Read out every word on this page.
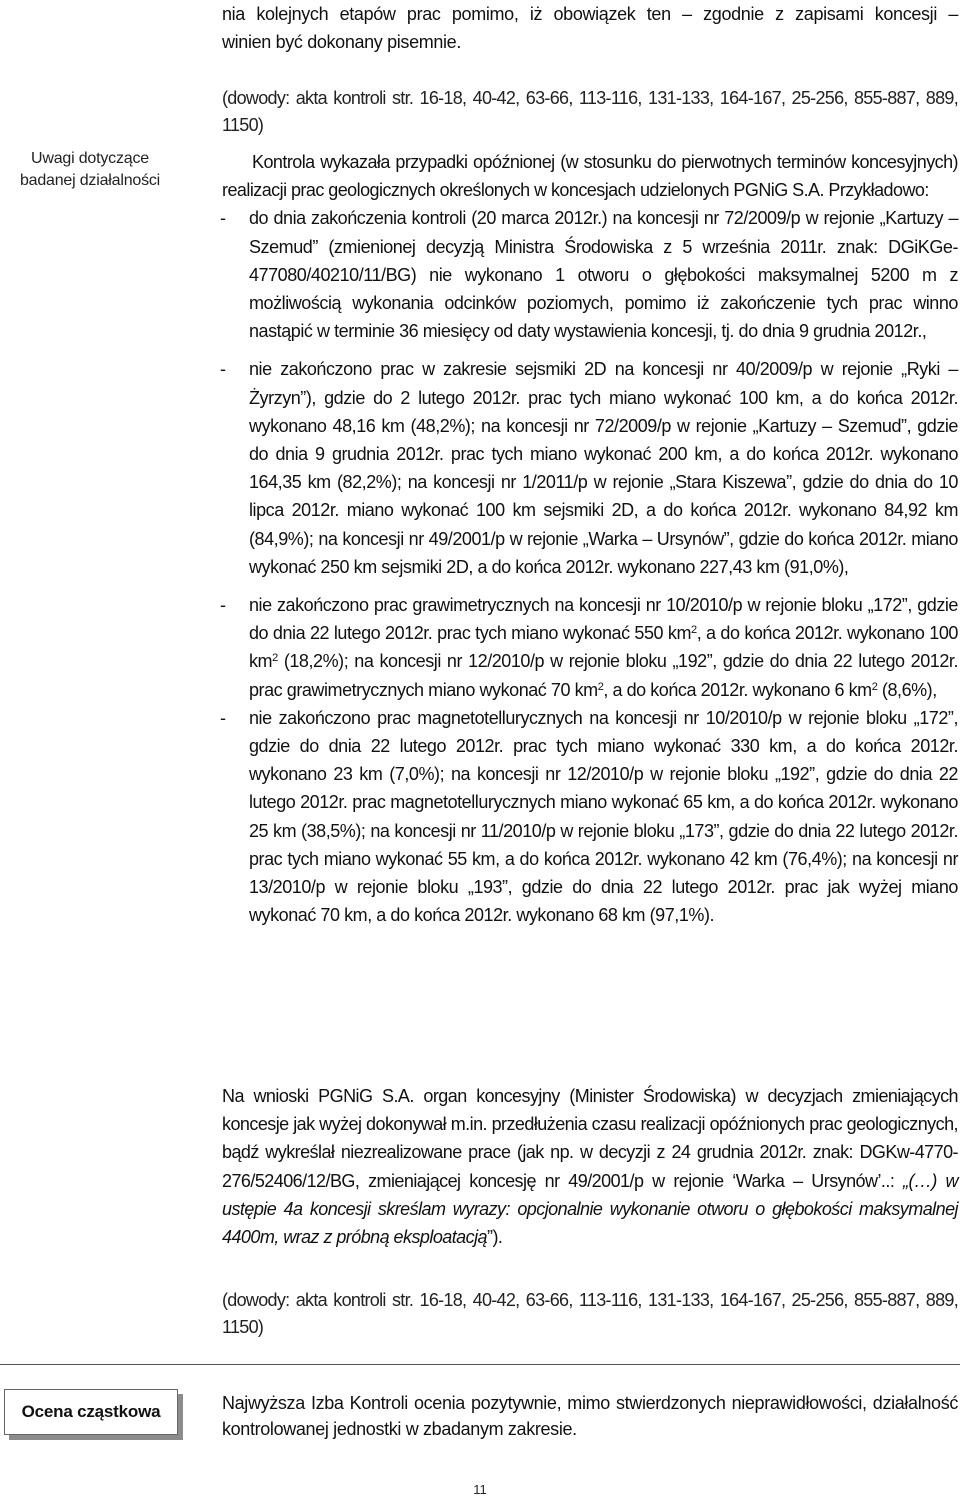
nia kolejnych etapów prac pomimo, iż obowiązek ten – zgodnie z zapisami koncesji –

winien być dokonany pisemnie.

(dowody: akta kontroli str. 16-18, 40-42, 63-66, 113-116, 131-133, 164-167, 25-256, 855-887, 889, 1150)

Uwagi dotyczące
badanej działalności

Kontrola wykazała przypadki opóźnionej (w stosunku do pierwotnych terminów koncesyjnych) realizacji prac geologicznych określonych w koncesjach udzielonych PGNiG S.A. Przykładowo:

- do dnia zakończenia kontroli (20 marca 2012r.) na koncesji nr 72/2009/p w rejonie „Kartuzy – Szemud” (zmienionej decyzją Ministra Środowiska z 5 września 2011r. znak: DGiKGe-477080/40210/11/BG) nie wykonano 1 otworu o głębokości maksymalnej 5200 m z możliwością wykonania odcinków poziomych, pomimo iż zakończenie tych prac winno nastąpić w terminie 36 miesięcy od daty wystawienia koncesji, tj. do dnia 9 grudnia 2012r.,

- nie zakończono prac w zakresie sejsmiki 2D na koncesji nr 40/2009/p w rejonie „Ryki – Żyrzyn”), gdzie do 2 lutego 2012r. prac tych miano wykonać 100 km, a do końca 2012r. wykonano 48,16 km (48,2%); na koncesji nr 72/2009/p w rejonie „Kartuzy – Szemud”, gdzie do dnia 9 grudnia 2012r. prac tych miano wykonać 200 km, a do końca 2012r. wykonano 164,35 km (82,2%); na koncesji nr 1/2011/p w rejonie „Stara Kiszewa”, gdzie do dnia do 10 lipca 2012r. miano wykonać 100 km sejsmiki 2D, a do końca 2012r. wykonano 84,92 km (84,9%); na koncesji nr 49/2001/p w rejonie „Warka – Ursynów”, gdzie do końca 2012r. miano wykonać 250 km sejsmiki 2D, a do końca 2012r. wykonano 227,43 km (91,0%),

- nie zakończono prac grawimetrycznych na koncesji nr 10/2010/p w rejonie bloku „172”, gdzie do dnia 22 lutego 2012r. prac tych miano wykonać 550 $km^2$, a do końca 2012r. wykonano 100 $km^2$ (18,2%); na koncesji nr 12/2010/p w rejonie bloku „192”, gdzie do dnia 22 lutego 2012r. prac grawimetrycznych miano wykonać 70 $km^2$, a do końca 2012r. wykonano 6 $km^2$ (8,6%),

- nie zakończono prac magnetotellurycznych na koncesji nr 10/2010/p w rejonie bloku „172”, gdzie do dnia 22 lutego 2012r. prac tych miano wykonać 330 km, a do końca 2012r. wykonano 23 km (7,0%); na koncesji nr 12/2010/p w rejonie bloku „192”, gdzie do dnia 22 lutego 2012r. prac magnetotellurycznych miano wykonać 65 km, a do końca 2012r. wykonano 25 km (38,5%); na koncesji nr 11/2010/p w rejonie bloku „173”, gdzie do dnia 22 lutego 2012r. prac tych miano wykonać 55 km, a do końca 2012r. wykonano 42 km (76,4%); na koncesji nr 13/2010/p w rejonie bloku „193”, gdzie do dnia 22 lutego 2012r. prac jak wyżej miano wykonać 70 km, a do końca 2012r. wykonano 68 km (97,1%).

Na wnioski PGNiG S.A. organ koncesyjny (Minister Środowiska) w decyzjach zmieniających koncesje jak wyżej dokonywał m.in. przedłużenia czasu realizacji opóźnionych prac geologicznych, bądź wykreślał niezrealizowane prace (jak np. w decyzji z 24 grudnia 2012r. znak: DGKw-4770-276/52406/12/BG, zmieniającej koncesję nr 49/2001/p w rejonie ‘Warka – Ursynów’..: „(…) w ustępie 4a koncesji skreślam wyrazy: opcjonalnie wykonanie otworu o głębokości maksymalnej 4400m, wraz z próbną eksploatacją”).

(dowody: akta kontroli str. 16-18, 40-42, 63-66, 113-116, 131-133, 164-167, 25-256, 855-887, 889, 1150)

Ocena cząstkowa	Najwyższa Izba Kontroli ocenia pozytywnie, mimo stwierdzonych nieprawidłowości, działalność kontrolowanej jednostki w zbadanym zakresie.

11
